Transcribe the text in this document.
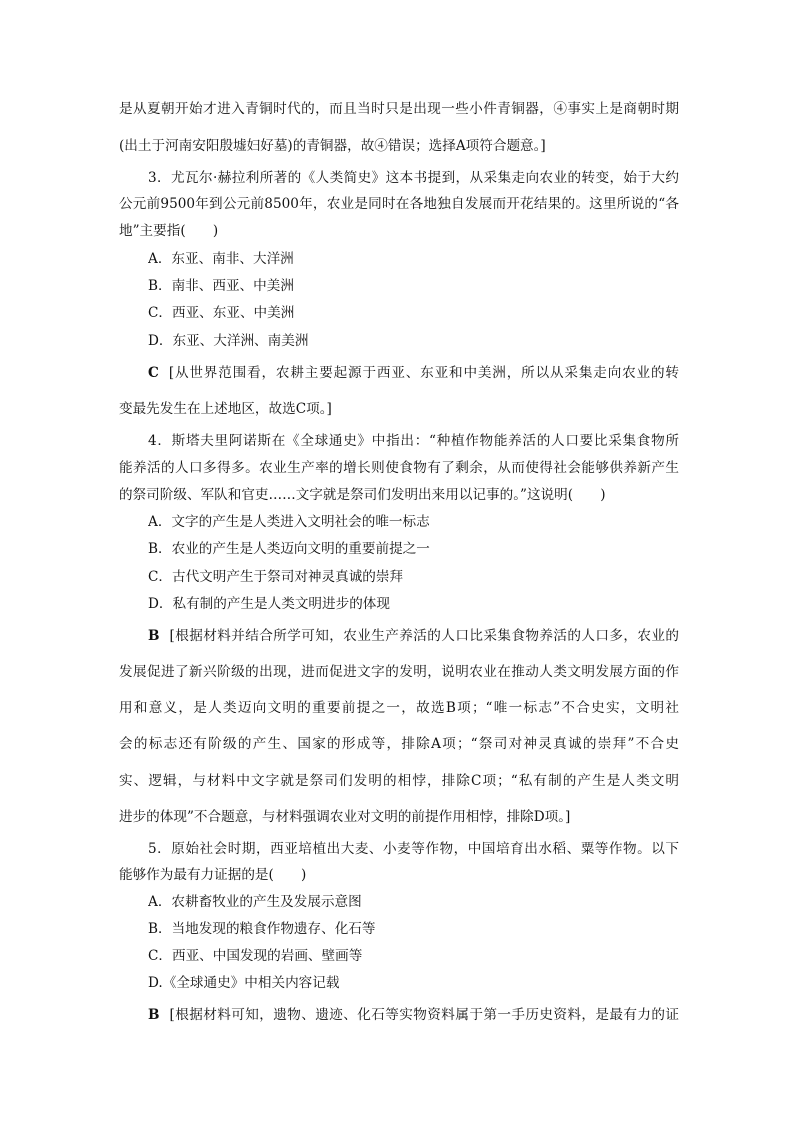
是从夏朝开始才进入青铜时代的，而且当时只是出现一些小件青铜器，④事实上是商朝时期
(出土于河南安阳殷墟妇好墓)的青铜器，故④错误；选择A项符合题意。]
3．尤瓦尔·赫拉利所著的《人类简史》这本书提到，从采集走向农业的转变，始于大约
公元前9500年到公元前8500年，农业是同时在各地独自发展而开花结果的。这里所说的“各
地”主要指(　　)
A．东亚、南非、大洋洲
B．南非、西亚、中美洲
C．西亚、东亚、中美洲
D．东亚、大洋洲、南美洲
C [从世界范围看，农耕主要起源于西亚、东亚和中美洲，所以从采集走向农业的转
变最先发生在上述地区，故选C项。]
4．斯塔夫里阿诺斯在《全球通史》中指出：“种植作物能养活的人口要比采集食物所
能养活的人口多得多。农业生产率的增长则使食物有了剩余，从而使得社会能够供养新产生
的祭司阶级、军队和官吏……文字就是祭司们发明出来用以记事的。”这说明(　　)
A．文字的产生是人类进入文明社会的唯一标志
B．农业的产生是人类迈向文明的重要前提之一
C．古代文明产生于祭司对神灵真诚的崇拜
D．私有制的产生是人类文明进步的体现
B [根据材料并结合所学可知，农业生产养活的人口比采集食物养活的人口多，农业的
发展促进了新兴阶级的出现，进而促进文字的发明，说明农业在推动人类文明发展方面的作
用和意义，是人类迈向文明的重要前提之一，故选B项；“唯一标志”不合史实，文明社
会的标志还有阶级的产生、国家的形成等，排除A项；“祭司对神灵真诚的崇拜”不合史
实、逻辑，与材料中文字就是祭司们发明的相悖，排除C项；“私有制的产生是人类文明
进步的体现”不合题意，与材料强调农业对文明的前提作用相悖，排除D项。]
5．原始社会时期，西亚培植出大麦、小麦等作物，中国培育出水稻、粟等作物。以下
能够作为最有力证据的是(　　)
A．农耕畜牧业的产生及发展示意图
B．当地发现的粮食作物遗存、化石等
C．西亚、中国发现的岩画、壁画等
D.《全球通史》中相关内容记载
B [根据材料可知，遗物、遗迹、化石等实物资料属于第一手历史资料，是最有力的证
